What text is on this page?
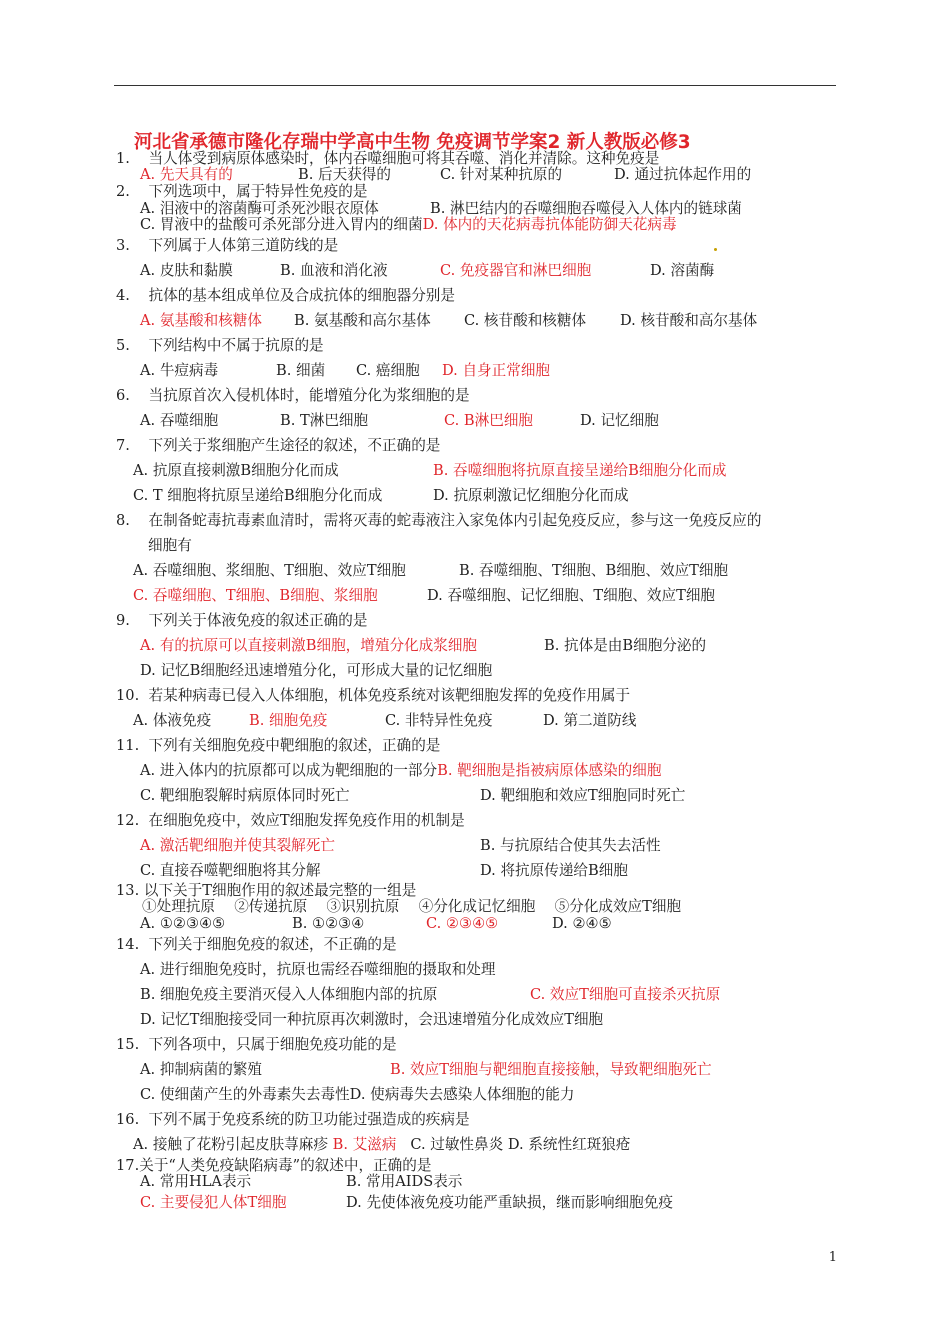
河北省承德市隆化存瑞中学高中生物 免疫调节学案2 新人教版必修3
1. 当人体受到病原体感染时，体内吞噬细胞可将其吞噬、消化并清除。这种免疫是
A. 先天具有的	B. 后天获得的	C. 针对某种抗原的	D. 通过抗体起作用的
2. 下列选项中，属于特异性免疫的是
A. 泪液中的溶菌酶可杀死沙眼衣原体	B. 淋巴结内的吞噬细胞吞噬侵入人体内的链球菌
C. 胃液中的盐酸可杀死部分进入胃内的细菌D. 体内的天花病毒抗体能防御天花病毒
3. 下列属于人体第三道防线的是
A. 皮肤和黏膜	B. 血液和消化液	C. 免疫器官和淋巴细胞	D. 溶菌酶
4. 抗体的基本组成单位及合成抗体的细胞器分别是
A. 氨基酸和核糖体 B. 氨基酸和高尔基体 C. 核苷酸和核糖体 D. 核苷酸和高尔基体
5. 下列结构中不属于抗原的是
A. 牛痘病毒	B. 细菌 C. 癌细胞 D. 自身正常细胞
6. 当抗原首次入侵机体时，能增殖分化为浆细胞的是
A. 吞噬细胞	B. T淋巴细胞	C. B淋巴细胞	D. 记忆细胞
7. 下列关于浆细胞产生途径的叙述，不正确的是
A. 抗原直接刺激B细胞分化而成	B. 吞噬细胞将抗原直接呈递给B细胞分化而成
C. T 细胞将抗原呈递给B细胞分化而成	D. 抗原刺激记忆细胞分化而成
8. 在制备蛇毒抗毒素血清时，需将灭毒的蛇毒液注入家兔体内引起免疫反应，参与这一免疫反应的
细胞有
A. 吞噬细胞、浆细胞、T细胞、效应T细胞	B. 吞噬细胞、T细胞、B细胞、效应T细胞
C. 吞噬细胞、T细胞、B细胞、浆细胞	D. 吞噬细胞、记忆细胞、T细胞、效应T细胞
9. 下列关于体液免疫的叙述正确的是
A. 有的抗原可以直接刺激B细胞，增殖分化成浆细胞	B. 抗体是由B细胞分泌的
D. 记忆B细胞经迅速增殖分化，可形成大量的记忆细胞
10. 若某种病毒已侵入人体细胞，机体免疫系统对该靶细胞发挥的免疫作用属于
A. 体液免疫	B. 细胞免疫	C. 非特异性免疫	D. 第二道防线
11. 下列有关细胞免疫中靶细胞的叙述，正确的是
A. 进入体内的抗原都可以成为靶细胞的一部分B. 靶细胞是指被病原体感染的细胞
C. 靶细胞裂解时病原体同时死亡	D. 靶细胞和效应T细胞同时死亡
12. 在细胞免疫中，效应T细胞发挥免疫作用的机制是
A. 激活靶细胞并使其裂解死亡	B. 与抗原结合使其失去活性
C. 直接吞噬靶细胞将其分解	D. 将抗原传递给B细胞
13. 以下关于T细胞作用的叙述最完整的一组是
①处理抗原　 ②传递抗原　 ③识别抗原　 ④分化成记忆细胞　 ⑤分化成效应T细胞
A. ①②③④⑤	B. ①②③④	C. ②③④⑤	D. ②④⑤
14. 下列关于细胞免疫的叙述，不正确的是
A. 进行细胞免疫时，抗原也需经吞噬细胞的摄取和处理
B. 细胞免疫主要消灭侵入人体细胞内部的抗原	C. 效应T细胞可直接杀灭抗原
D. 记忆T细胞接受同一种抗原再次刺激时，会迅速增殖分化成效应T细胞
15. 下列各项中，只属于细胞免疫功能的是
A. 抑制病菌的繁殖	B. 效应T细胞与靶细胞直接接触，导致靶细胞死亡
C. 使细菌产生的外毒素失去毒性D. 使病毒失去感染人体细胞的能力
16. 下列不属于免疫系统的防卫功能过强造成的疾病是
A. 接触了花粉引起皮肤荨麻疹 B. 艾滋病 C. 过敏性鼻炎 D. 系统性红斑狼疮
17.关于“人类免疫缺陷病毒”的叙述中，正确的是
A. 常用HLA表示	B. 常用AIDS表示
C. 主要侵犯人体T细胞	D. 先使体液免疫功能严重缺损，继而影响细胞免疫
1
